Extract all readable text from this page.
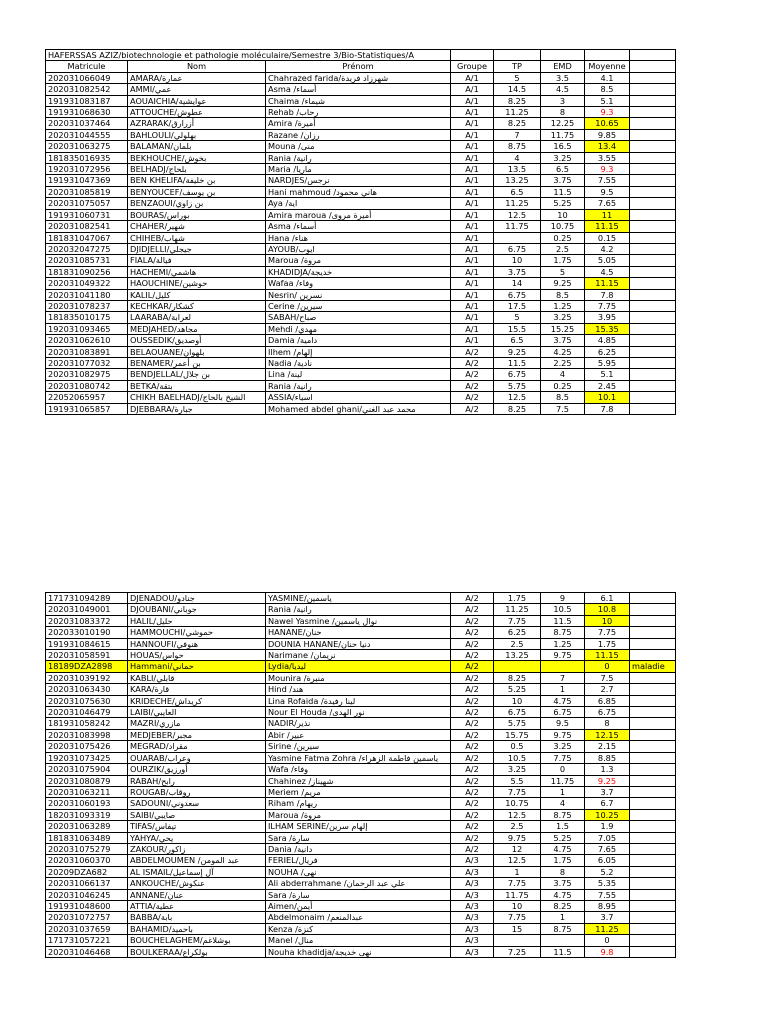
HAFERSSAS AZIZ/biotechnologie et pathologie moléculaire/Semestre 3/Bio-Statistiques/A							
Matricule	Nom	Prénom	Groupe	TP	EMD	Moyenne	
202031066049	AMARA/عمارة	Chahrazed farida/شهرزاد فريدة	A/1	5	3.5	4.1	
202031082542	AMMI/عمي	Asma /أسماء	A/1	14.5	4.5	8.5	
191931083187	AOUAICHIA/عوايشية	Chaima /شيماء	A/1	8.25	3	5.1	
191931068630	ATTOUCHE/عطوش	Rehab /رحاب	A/1	11.25	8	9.3	
202031037464	AZRARAK/أزرارق	Amira /أميرة	A/1	8.25	12.25	10.65	
202031044555	BAHLOULI/بهلولي	Razane /رزان	A/1	7	11.75	9.85	
202031063275	BALAMAN/بلمان	Mouna /منى	A/1	8.75	16.5	13.4	
181835016935	BEKHOUCHE/بخوش	Rania /رانية	A/1	4	3.25	3.55	
192031072956	BELHADJ/بلحاج	Maria /ماريا	A/1	13.5	6.5	9.3	
191931047369	BEN KHELIFA/بن خليفة	NARDJES/نرجس	A/1	13.25	3.75	7.55	
202031085819	BENYOUCEF/بن يوسف	Hani mahmoud /هاني محمود	A/1	6.5	11.5	9.5	
202031075057	BENZAOUI/بن زاوي	Aya /اية	A/1	11.25	5.25	7.65	
191931060731	BOURAS/بوراس	Amira maroua /أميرة مروى	A/1	12.5	10	11	
202031082541	CHAHER/شهير	Asma /أسماء	A/1	11.75	10.75	11.15	
181831047067	CHIHEB/شهاب	Hana /هناء	A/1		0.25	0.15	
202032047275	DJIDJELLI/جيجلي	AYOUB/ايوب	A/1	6.75	2.5	4.2	
202031085731	FIALA/فيالة	Maroua /مروة	A/1	10	1.75	5.05	
181831090256	HACHEMI/هاشمي	KHADIDJA/خديجة	A/1	3.75	5	4.5	
202031049322	HAOUCHINE/حوشين	Wafaa /وفاء	A/1	14	9.25	11.15	
202031041180	KALIL/كليل	Nesrin/ نسرين	A/1	6.75	8.5	7.8	
202031078237	KECHKAR/كشكار	Cerine /سيرين	A/1	17.5	1.25	7.75	
181835010175	LAARABA/لعرابة	SABAH/صباح	A/1	5	3.25	3.95	
192031093465	MEDJAHED/مجاهد	Mehdi /مهدي	A/1	15.5	15.25	15.35	
202031062610	OUSSEDIK/أوصديق	Damia /دامية	A/1	6.5	3.75	4.85	
202031083891	BELAOUANE/بلهوان	Ilhem /إلهام	A/2	9.25	4.25	6.25	
202031077032	BENAMER/بن أعمر	Nadia /نادية	A/2	11.5	2.25	5.95	
202031082975	BENDJELLAL/بن جلال	Lina /لينة	A/2	6.75	4	5.1	
202031080742	BETKA/بتقة	Rania /رانية	A/2	5.75	0.25	2.45	
22052065957	CHIKH BAELHADJ/الشيخ بالحاج	ASSIA/اسياء	A/2	12.5	8.5	10.1	
191931065857	DJEBBARA/جبارة	Mohamed abdel ghani/محمد عبد الغني	A/2	8.25	7.5	7.8	
171731094289	DJENADOU/جنادو	YASMINE/ياسمين	A/2	1.75	9	6.1	
202031049001	DJOUBANI/جوباني	Rania /رانية	A/2	11.25	10.5	10.8	
202031083372	HALIL/حليل	Nawel Yasmine /نوال ياسمين	A/2	7.75	11.5	10	
202033010190	HAMMOUCHI/حموشي	HANANE/حنان	A/2	6.25	8.75	7.75	
191931084615	HANNOUFI/هنوفي	DOUNIA HANANE/دنيا حنان	A/2	2.5	1.25	1.75	
202031058591	HOUAS/حواس	Narimane /نريمان	A/2	13.25	9.75	11.15	
18189DZA2898	Hammani/حماني	Lydia/ليديا	A/2			0	maladie
202031039192	KABLI/قابلي	Mounira /منيرة	A/2	8.25	7	7.5	
202031063430	KARA/قارة	Hind /هند	A/2	5.25	1	2.7	
202031075630	KRIDECHE/كريداش	Lina Rofaida /لينا رفيدة	A/2	10	4.75	6.85	
202031046479	LAIBI/العايبي	Nour El Houda /نور الهدى	A/2	6.75	6.75	6.75	
181931058242	MAZRI/مازري	NADIR/نذير	A/2	5.75	9.5	8	
202031083998	MEDJEBER/مجبر	Abir /عبير	A/2	15.75	9.75	12.15	
202031075426	MEGRAD/مقراد	Sirine /سيرين	A/2	0.5	3.25	2.15	
192031073425	OUARAB/وعراب	Yasmine Fatma Zohra /ياسمين فاطمة الزهراء	A/2	10.5	7.75	8.85	
202031075904	OURZIK/أورزيق	Wafa /وفاء	A/2	3.25	0	1.3	
202031080879	RABAH/رابح	Chahinez /شهيناز	A/2	5.5	11.75	9.25	
202031063211	ROUGAB/روقاب	Meriem /مريم	A/2	7.75	1	3.7	
202031060193	SADOUNI/سعدوني	Riham /ريهام	A/2	10.75	4	6.7	
182031093319	SAIBI/صايبي	Maroua /مروة	A/2	12.5	8.75	10.25	
202031063289	TIFAS/تيفاس	ILHAM SERINE/إلهام سرين	A/2	2.5	1.5	1.9	
181831063489	YAHYA/يحي	Sara /سارة	A/2	9.75	5.25	7.05	
202031075279	ZAKOUR/زاكور	Dania /دانية	A/2	12	4.75	7.65	
202031060370	ABDELMOUMEN /عبد المومن	FERIEL/فريال	A/3	12.5	1.75	6.05	
20209DZA682	AL ISMAIL/آل إسماعيل	NOUHA /نهى	A/3	1	8	5.2	
202031066137	ANKOUCHE/عنكوش	Ali abderrahmane /علي عبد الرحمان	A/3	7.75	3.75	5.35	
202031046245	ANNANE/عنان	Sara /سارة	A/3	11.75	4.75	7.55	
191931048600	ATTIA/عطية	Aimen/أيمن	A/3	10	8.25	8.95	
202031072757	BABBA/بابة	Abdelmonaim /عبدالمنعم	A/3	7.75	1	3.7	
202031037659	BAHAMID/باحميد	Kenza /كنزة	A/3	15	8.75	11.25	
171731057221	BOUCHELAGHEM/بوشلاغم	Manel /منال	A/3			0	
202031046468	BOULKERAA/بولكراع	Nouha khadidja/نهى خديجة	A/3	7.25	11.5	9.8	
